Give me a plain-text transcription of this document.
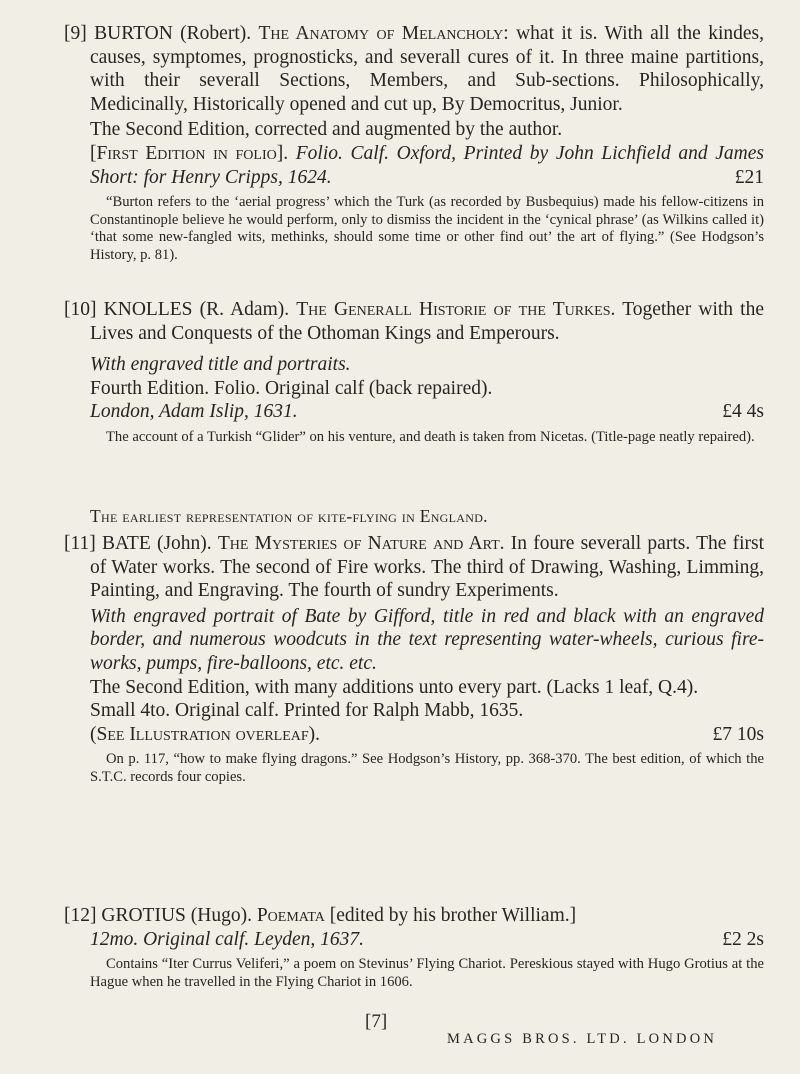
[9] BURTON (Robert). The Anatomy of Melancholy: what it is. With all the kindes, causes, symptomes, prognosticks, and severall cures of it. In three maine partitions, with their severall Sections, Members, and Sub-sections. Philosophically, Medicinally, Historically opened and cut up, By Democritus, Junior.

The Second Edition, corrected and augmented by the author.

[First Edition in folio]. Folio. Calf. Oxford, Printed by John Lichfield and James Short: for Henry Cripps, 1624.	£21

“Burton refers to the ‘aerial progress’ which the Turk (as recorded by Busbequius) made his fellow-citizens in Constantinople believe he would perform, only to dismiss the incident in the ‘cynical phrase’ (as Wilkins called it) ‘that some new-fangled wits, methinks, should some time or other find out’ the art of flying.” (See Hodgson’s History, p. 81).

[10] KNOLLES (R. Adam). The Generall Historie of the Turkes. Together with the Lives and Conquests of the Othoman Kings and Emperours.

With engraved title and portraits.

Fourth Edition. Folio. Original calf (back repaired).

London, Adam Islip, 1631.	£4 4s

The account of a Turkish “Glider” on his venture, and death is taken from Nicetas. (Title-page neatly repaired).

The earliest representation of kite-flying in England.

[11] BATE (John). The Mysteries of Nature and Art. In foure severall parts. The first of Water works. The second of Fire works. The third of Drawing, Washing, Limming, Painting, and Engraving. The fourth of sundry Experiments.

With engraved portrait of Bate by Gifford, title in red and black with an engraved border, and numerous woodcuts in the text representing water-wheels, curious fire-works, pumps, fire-balloons, etc. etc.

The Second Edition, with many additions unto every part. (Lacks 1 leaf, Q.4).

Small 4to. Original calf. Printed for Ralph Mabb, 1635.

(See Illustration overleaf).	£7 10s

On p. 117, “how to make flying dragons.” See Hodgson’s History, pp. 368-370. The best edition, of which the S.T.C. records four copies.

[12] GROTIUS (Hugo). Poemata [edited by his brother William.]

12mo. Original calf. Leyden, 1637.	£2 2s

Contains “Iter Currus Veliferi,” a poem on Stevinus’ Flying Chariot. Pereskious stayed with Hugo Grotius at the Hague when he travelled in the Flying Chariot in 1606.

[7]
MAGGS BROS. LTD. LONDON
